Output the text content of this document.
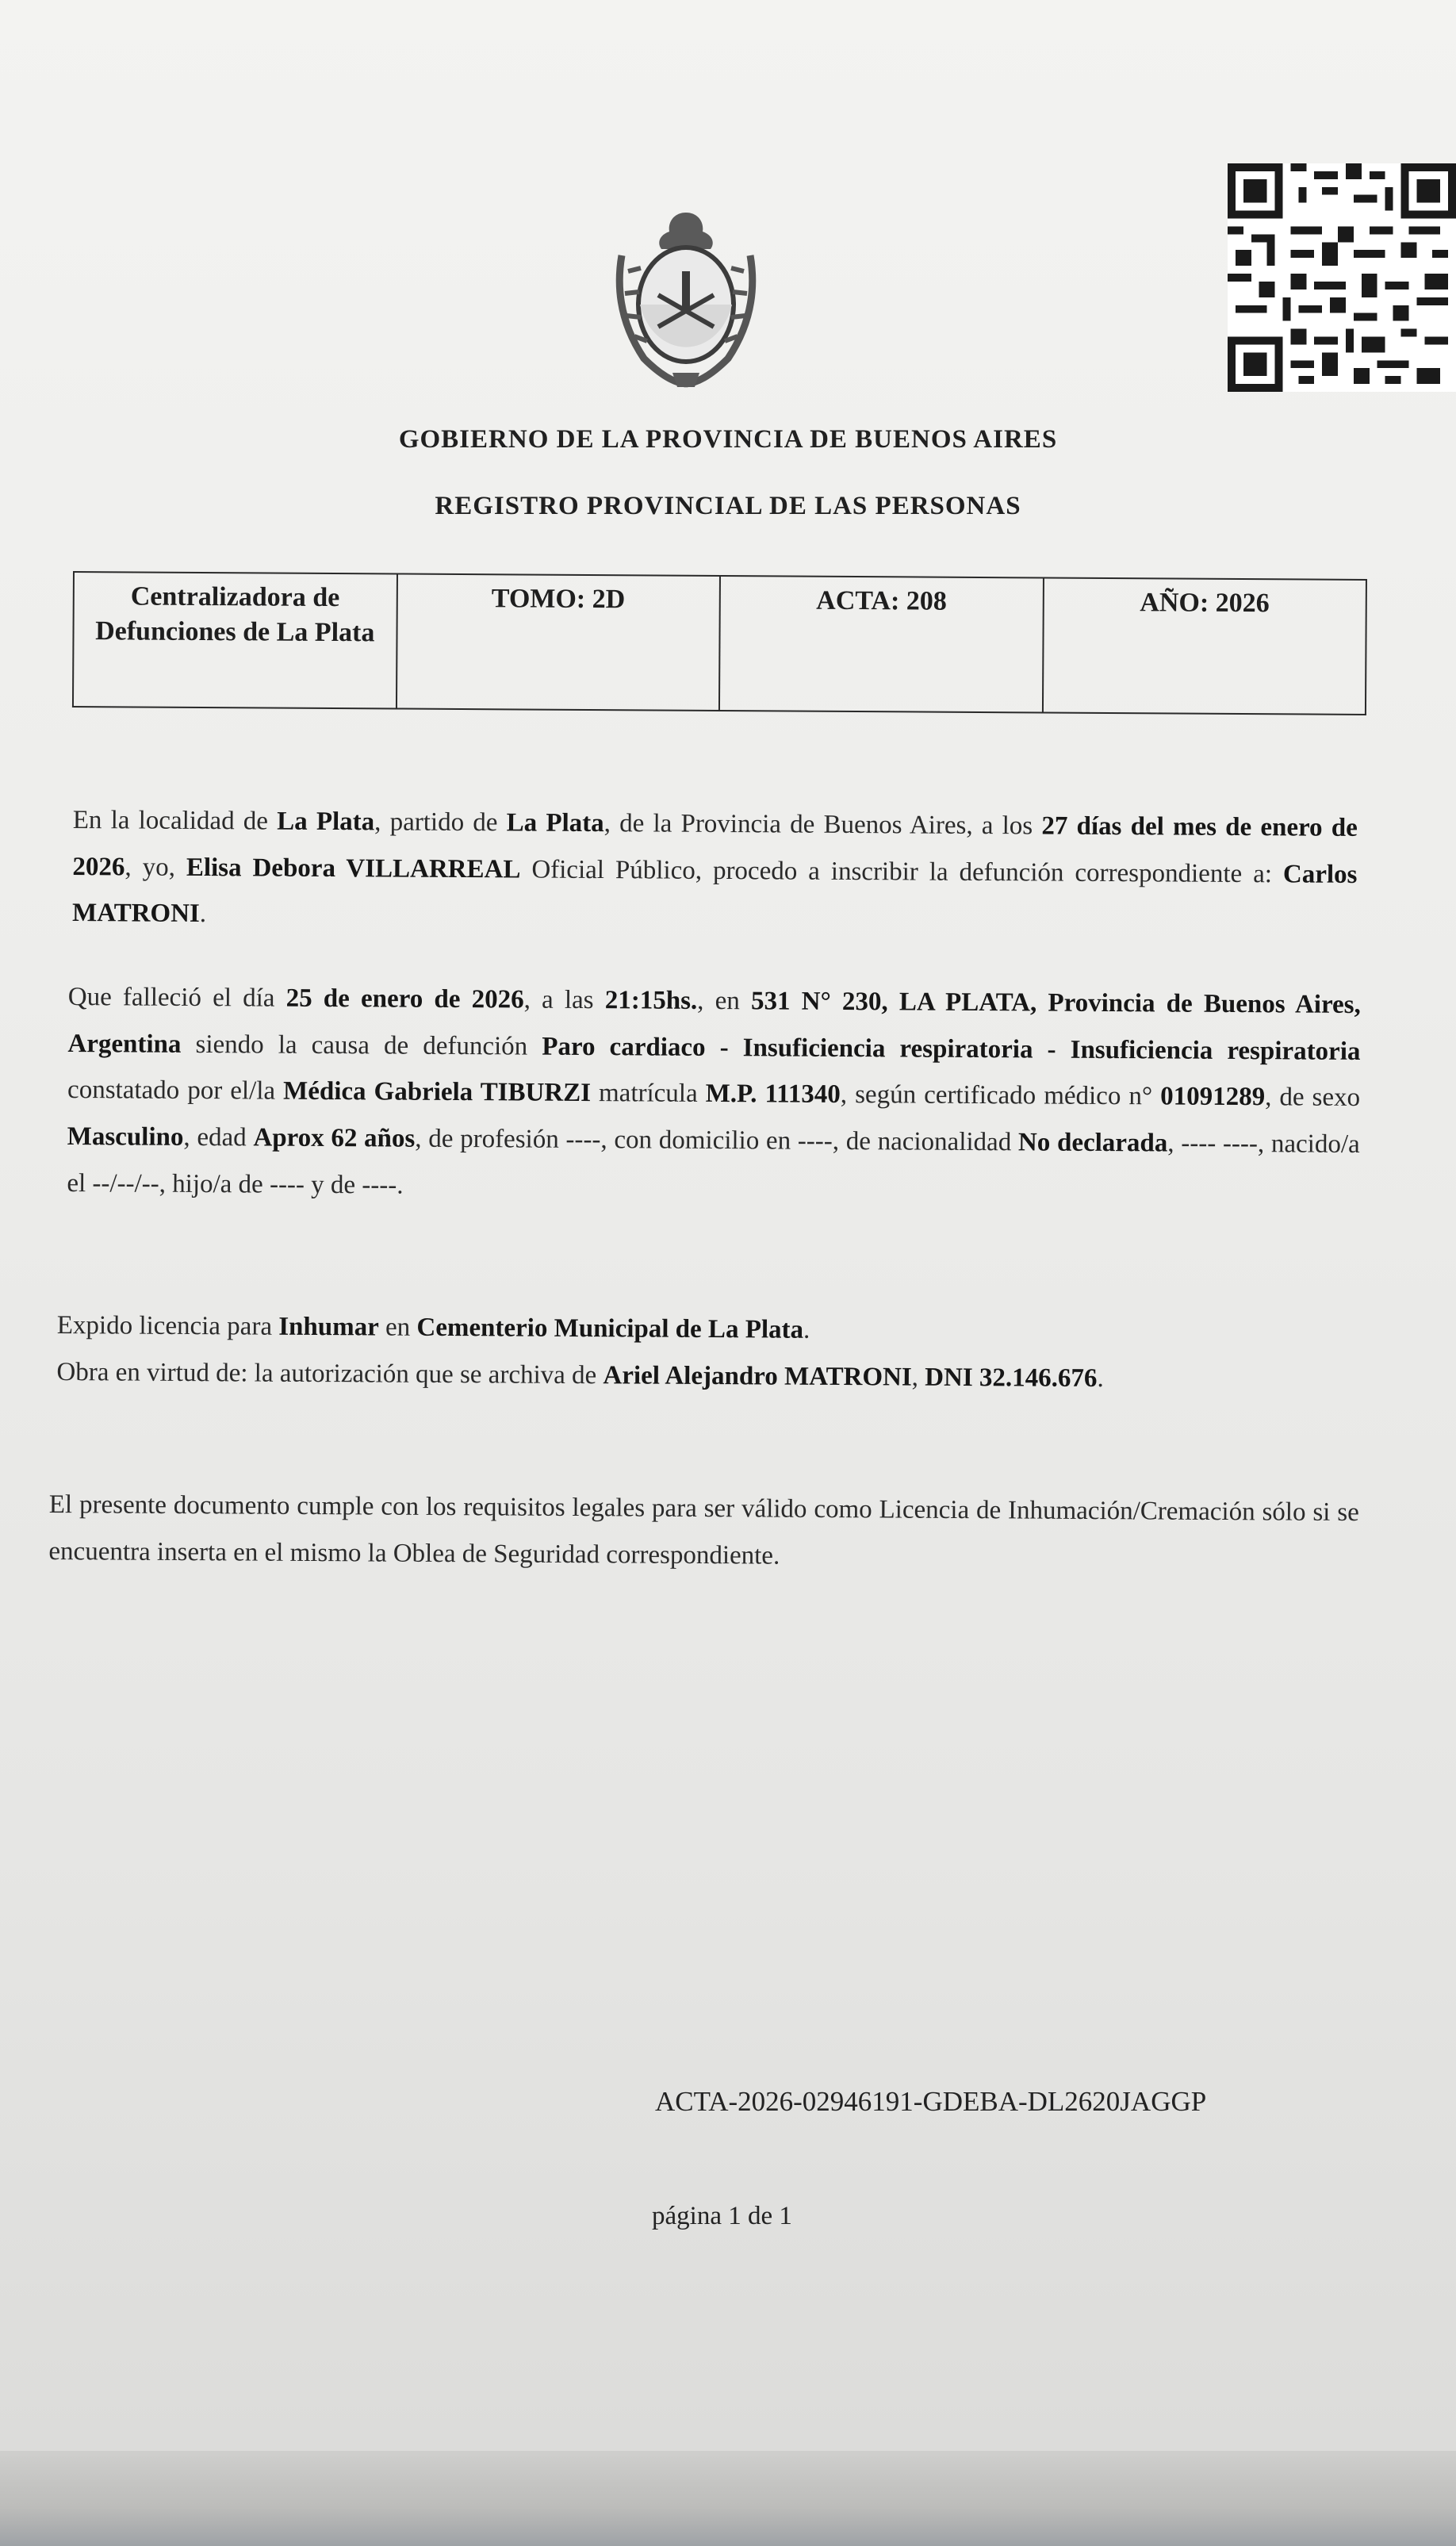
GOBIERNO DE LA PROVINCIA DE BUENOS AIRES
REGISTRO PROVINCIAL DE LAS PERSONAS
Centralizadora de Defunciones de La Plata	TOMO: 2D	ACTA: 208	AÑO: 2026
En la localidad de La Plata, partido de La Plata, de la Provincia de Buenos Aires, a los 27 días del mes de enero de 2026, yo, Elisa Debora VILLARREAL Oficial Público, procedo a inscribir la defunción correspondiente a: Carlos MATRONI.
Que falleció el día 25 de enero de 2026, a las 21:15hs., en 531 N° 230, LA PLATA, Provincia de Buenos Aires, Argentina siendo la causa de defunción Paro cardiaco - Insuficiencia respiratoria - Insuficiencia respiratoria constatado por el/la Médica Gabriela TIBURZI matrícula M.P. 111340, según certificado médico n° 01091289, de sexo Masculino, edad Aprox 62 años, de profesión ----, con domicilio en ----, de nacionalidad No declarada, ---- ----, nacido/a el --/--/--, hijo/a de ---- y de ----.
Expido licencia para Inhumar en Cementerio Municipal de La Plata.
Obra en virtud de: la autorización que se archiva de Ariel Alejandro MATRONI, DNI 32.146.676.
El presente documento cumple con los requisitos legales para ser válido como Licencia de Inhumación/Cremación sólo si se encuentra inserta en el mismo la Oblea de Seguridad correspondiente.
ACTA-2026-02946191-GDEBA-DL2620JAGGP
página 1 de 1
